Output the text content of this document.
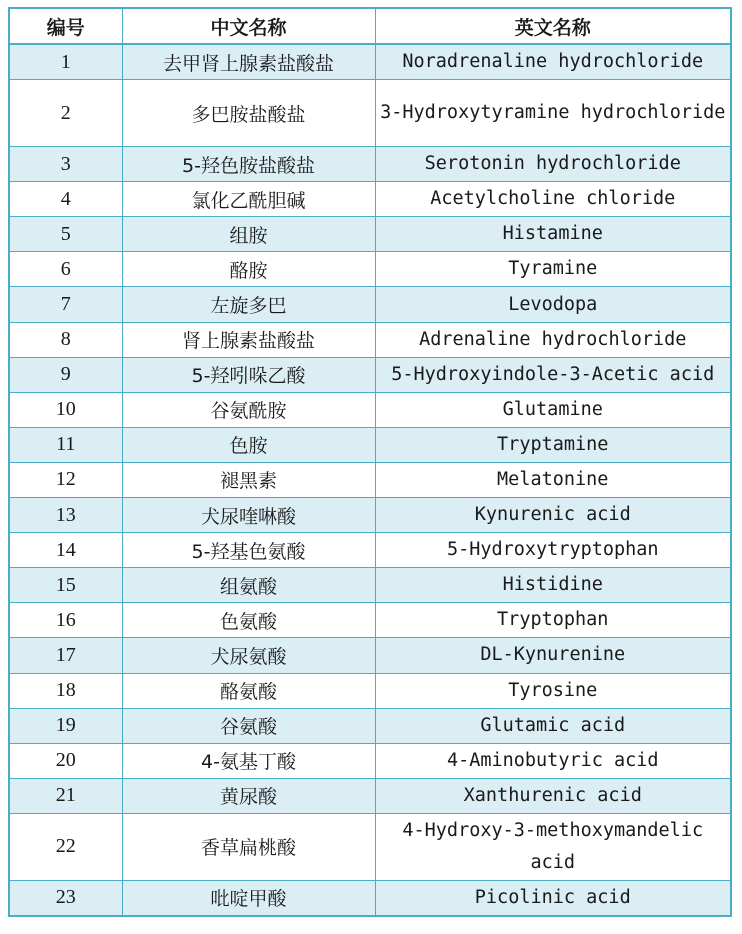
编号	中文名称	英文名称
1	去甲肾上腺素盐酸盐	Noradrenaline hydrochloride
2	多巴胺盐酸盐	3-Hydroxytyramine hydrochloride
3	5-羟色胺盐酸盐	Serotonin hydrochloride
4	氯化乙酰胆碱	Acetylcholine chloride
5	组胺	Histamine
6	酪胺	Tyramine
7	左旋多巴	Levodopa
8	肾上腺素盐酸盐	Adrenaline hydrochloride
9	5-羟吲哚乙酸	5-Hydroxyindole-3-Acetic acid
10	谷氨酰胺	Glutamine
11	色胺	Tryptamine
12	褪黑素	Melatonine
13	犬尿喹啉酸	Kynurenic acid
14	5-羟基色氨酸	5-Hydroxytryptophan
15	组氨酸	Histidine
16	色氨酸	Tryptophan
17	犬尿氨酸	DL-Kynurenine
18	酪氨酸	Tyrosine
19	谷氨酸	Glutamic acid
20	4-氨基丁酸	4-Aminobutyric acid
21	黄尿酸	Xanthurenic acid
22	香草扁桃酸	4-Hydroxy-3-methoxymandelic acid
23	吡啶甲酸	Picolinic acid
